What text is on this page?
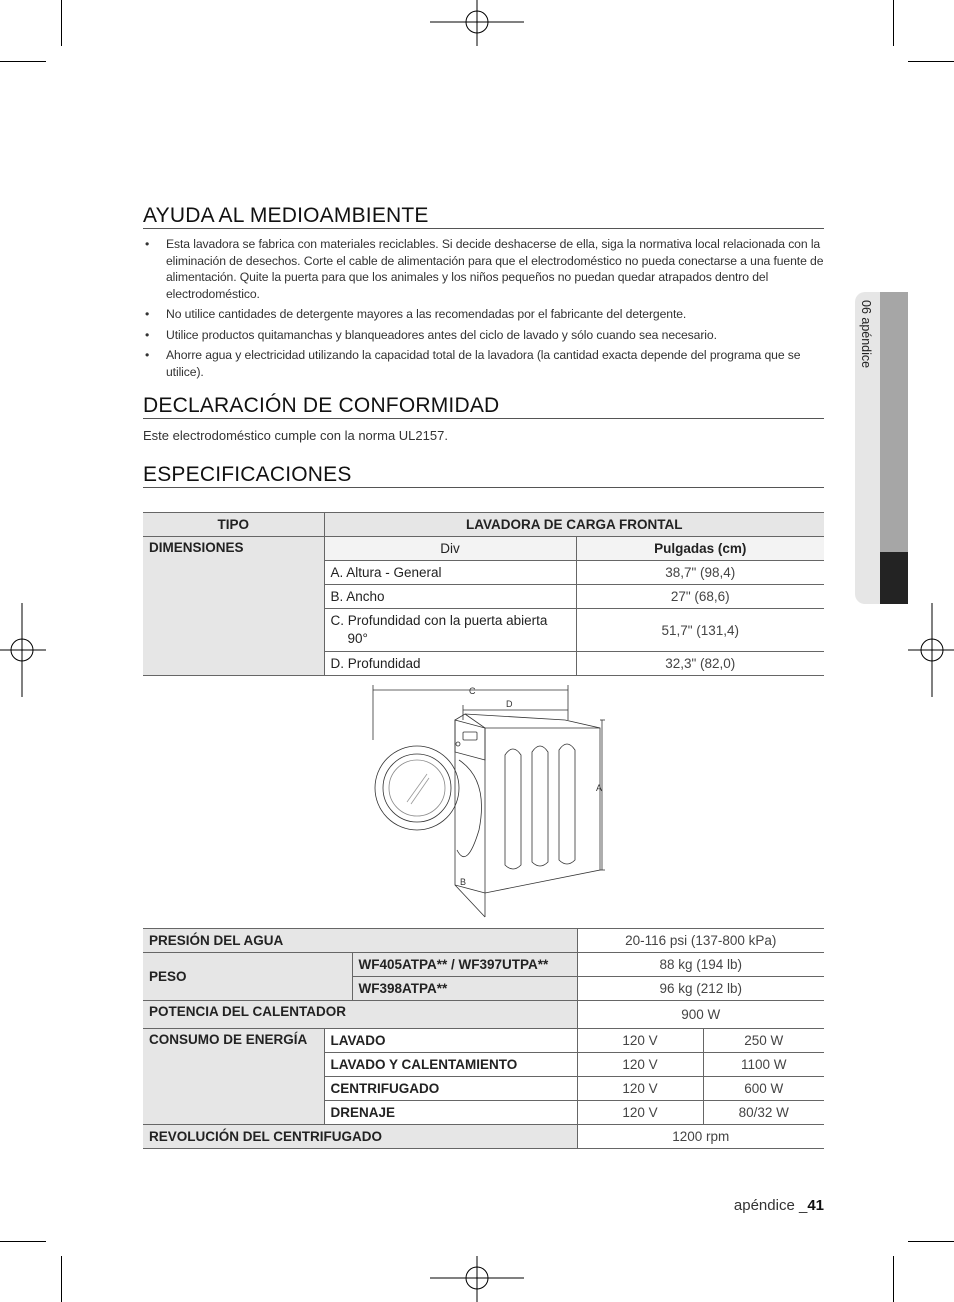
AYUDA AL MEDIOAMBIENTE
• Esta lavadora se fabrica con materiales reciclables. Si decide deshacerse de ella, siga la normativa local relacionada con la eliminación de desechos. Corte el cable de alimentación para que el electrodoméstico no pueda conectarse a una fuente de alimentación. Quite la puerta para que los animales y los niños pequeños no puedan quedar atrapados dentro del electrodoméstico.
• No utilice cantidades de detergente mayores a las recomendadas por el fabricante del detergente.
• Utilice productos quitamanchas y blanqueadores antes del ciclo de lavado y sólo cuando sea necesario.
• Ahorre agua y electricidad utilizando la capacidad total de la lavadora (la cantidad exacta depende del programa que se utilice).
DECLARACIÓN DE CONFORMIDAD
Este electrodoméstico cumple con la norma UL2157.
ESPECIFICACIONES
TIPO	LAVADORA DE CARGA FRONTAL	
DIMENSIONES	Div	Pulgadas (cm)
	A. Altura - General	38,7" (98,4)
	B. Ancho	27" (68,6)

	C. Profundidad con la puerta abierta 90°	51,7" (131,4)
	D. Profundidad	32,3" (82,0)
C
D
A
B
PRESIÓN DEL AGUA			20-116 psi (137-800 kPa)	
PESO		WF405ATPA** / WF397UTPA**	88 kg (194 lb)	
		WF398ATPA**	96 kg (212 lb)	
POTENCIA DEL CALENTADOR			900 W	
CONSUMO DE ENERGÍA	LAVADO		120 V	250 W
	LAVADO Y CALENTAMIENTO		120 V	1100 W
	CENTRIFUGADO		120 V	600 W
	DRENAJE		120 V	80/32 W
REVOLUCIÓN DEL CENTRIFUGADO			1200 rpm	
06 apéndice
apéndice _41
